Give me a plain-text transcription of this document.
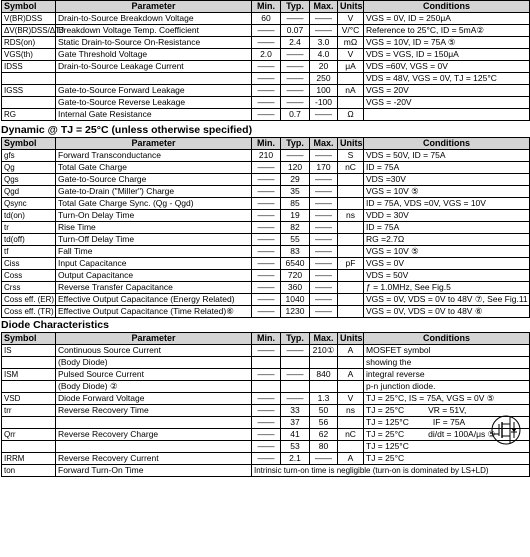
Symbol	Parameter	Min.	Typ.	Max.	Units	Conditions
V(BR)DSS	Drain-to-Source Breakdown Voltage	60	——	——	V	VGS = 0V, ID = 250μA
ΔV(BR)DSS/ΔTJ	Breakdown Voltage Temp. Coefficient	——	0.07	——	V/°C	Reference to 25°C, ID = 5mA②
RDS(on)	Static Drain-to-Source On-Resistance	——	2.4	3.0	mΩ	VGS = 10V, ID = 75A ⑤
VGS(th)	Gate Threshold Voltage	2.0	——	4.0	V	VDS = VGS, ID = 150μA
IDSS	Drain-to-Source Leakage Current	——	——	20	μA	VDS =60V, VGS = 0V
		——	——	250		VDS = 48V, VGS = 0V, TJ = 125°C
IGSS	Gate-to-Source Forward Leakage	——	——	100	nA	VGS = 20V
	Gate-to-Source Reverse Leakage	——	——	-100		VGS = -20V
RG	Internal Gate Resistance	——	0.7	——	Ω	
Dynamic @ TJ = 25°C (unless otherwise specified)
Symbol	Parameter	Min.	Typ.	Max.	Units	Conditions
gfs	Forward Transconductance	210	——	——	S	VDS = 50V, ID = 75A
Qg	Total Gate Charge	——	120	170	nC	ID = 75A
Qgs	Gate-to-Source Charge	——	29	——		VDS =30V
Qgd	Gate-to-Drain ("Miller") Charge	——	35	——		VGS = 10V ⑤
Qsync	Total Gate Charge Sync. (Qg - Qgd)	——	85	——		ID = 75A, VDS =0V, VGS = 10V
td(on)	Turn-On Delay Time	——	19	——	ns	VDD = 30V
tr	Rise Time	——	82	——		ID = 75A
td(off)	Turn-Off Delay Time	——	55	——		RG =2.7Ω
tf	Fall Time	——	83	——		VGS = 10V ⑤
Ciss	Input Capacitance	——	6540	——	pF	VGS = 0V
Coss	Output Capacitance	——	720	——		VDS = 50V
Crss	Reverse Transfer Capacitance	——	360	——		ƒ = 1.0MHz, See Fig.5
Coss eff. (ER)	Effective Output Capacitance (Energy Related)	——	1040	——		VGS = 0V, VDS = 0V to 48V ⑦, See Fig.11
Coss eff. (TR)	Effective Output Capacitance (Time Related)⑥	——	1230	——		VGS = 0V, VDS = 0V to 48V ⑥
Diode Characteristics
Symbol	Parameter	Min.	Typ.	Max.	Units	Conditions
IS	Continuous Source Current	——	——	210①	A	MOSFET symbol
	(Body Diode)					showing the
ISM	Pulsed Source Current	——	——	840	A	integral reverse
	(Body Diode) ②					p-n junction diode.
VSD	Diode Forward Voltage	——	——	1.3	V	TJ = 25°C, IS = 75A, VGS = 0V ⑤
trr	Reverse Recovery Time	——	33	50	ns	TJ = 25°C VR = 51V,
		——	37	56		TJ = 125°C IF = 75A
Qrr	Reverse Recovery Charge	——	41	62	nC	TJ = 25°C di/dt = 100A/μs ⑤
		——	53	80		TJ = 125°C
IRRM	Reverse Recovery Current	——	2.1	——	A	TJ = 25°C
ton	Forward Turn-On Time	Intrinsic turn-on time is negligible (turn-on is dominated by LS+LD)				
